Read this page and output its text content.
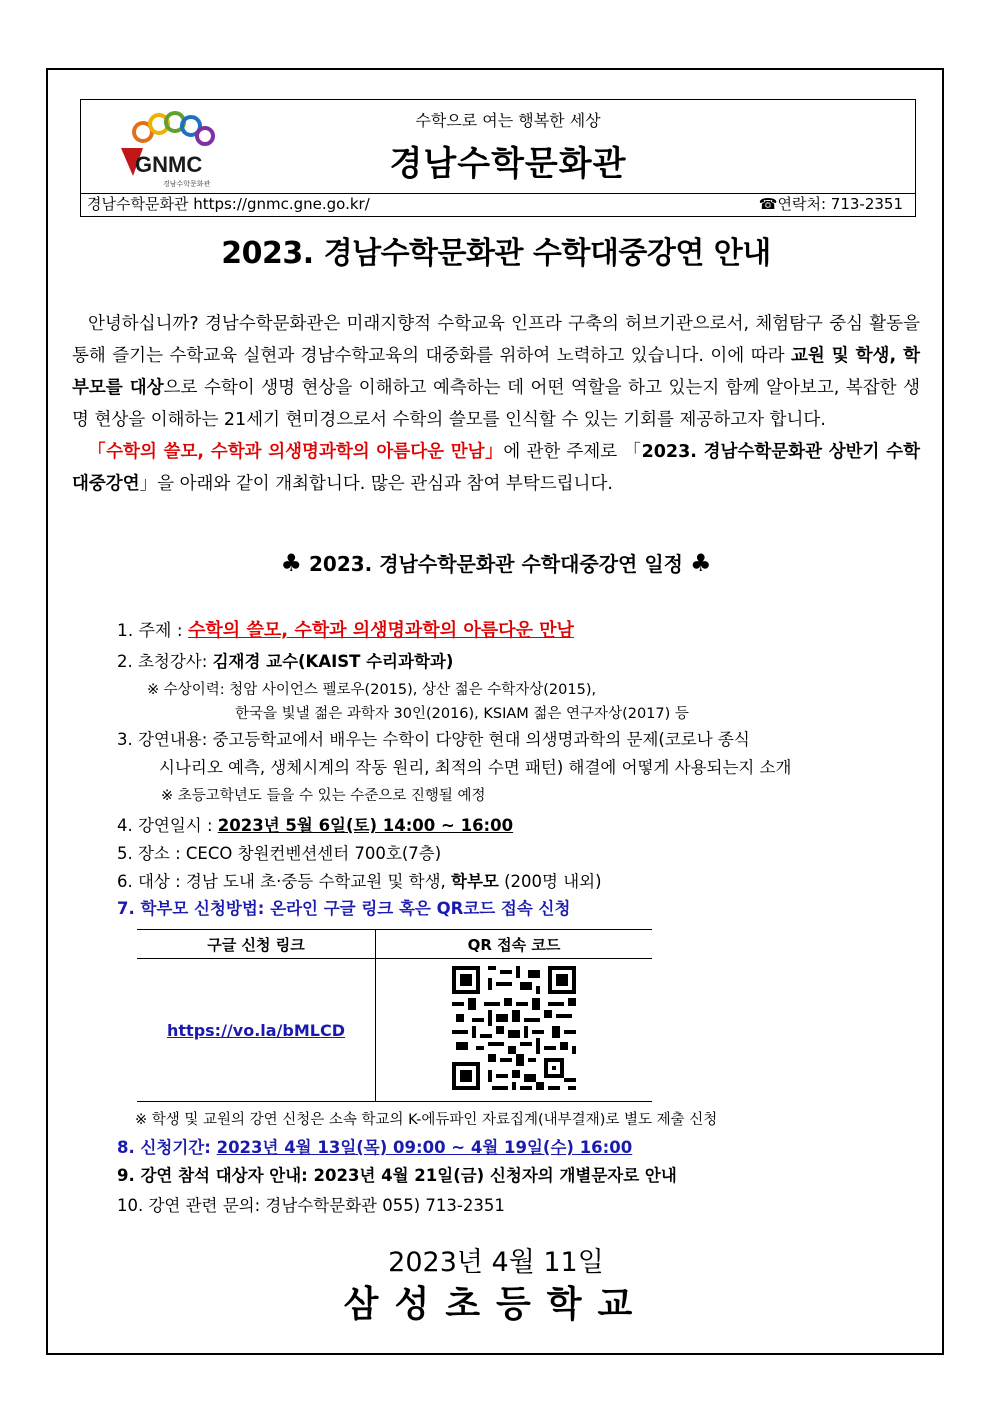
GNMC
경남수학문화관
수학으로 여는 행복한 세상
경남수학문화관
경남수학문화관 https://gnmc.gne.go.kr/	☎연락처: 713-2351
2023. 경남수학문화관 수학대중강연 안내

안녕하십니까? 경남수학문화관은 미래지향적 수학교육 인프라 구축의 허브기관으로서, 체험탐구 중심 활동을 통해 즐기는 수학교육 실현과 경남수학교육의 대중화를 위하여 노력하고 있습니다. 이에 따라 교원 및 학생, 학부모를 대상으로 수학이 생명 현상을 이해하고 예측하는 데 어떤 역할을 하고 있는지 함께 알아보고, 복잡한 생명 현상을 이해하는 21세기 현미경으로서 수학의 쓸모를 인식할 수 있는 기회를 제공하고자 합니다.

「수학의 쓸모, 수학과 의생명과학의 아름다운 만남」에 관한 주제로 「2023. 경남수학문화관 상반기 수학대중강연」을 아래와 같이 개최합니다. 많은 관심과 참여 부탁드립니다.

♣ 2023. 경남수학문화관 수학대중강연 일정 ♣
1. 주제 : 수학의 쓸모, 수학과 의생명과학의 아름다운 만남
2. 초청강사: 김재경 교수(KAIST 수리과학과)
※ 수상이력: 청암 사이언스 펠로우(2015), 상산 젊은 수학자상(2015),
한국을 빛낼 젊은 과학자 30인(2016), KSIAM 젊은 연구자상(2017) 등
3. 강연내용: 중고등학교에서 배우는 수학이 다양한 현대 의생명과학의 문제(코로나 종식
시나리오 예측, 생체시계의 작동 원리, 최적의 수면 패턴) 해결에 어떻게 사용되는지 소개
※ 초등고학년도 들을 수 있는 수준으로 진행될 예정
4. 강연일시 : 2023년 5월 6일(토) 14:00 ~ 16:00
5. 장소 : CECO 창원컨벤션센터 700호(7층)
6. 대상 : 경남 도내 초·중등 수학교원 및 학생, 학부모 (200명 내외)
7. 학부모 신청방법: 온라인 구글 링크 혹은 QR코드 접속 신청
※ 학생 및 교원의 강연 신청은 소속 학교의 K-에듀파인 자료집계(내부결재)로 별도 제출 신청
8. 신청기간: 2023년 4월 13일(목) 09:00 ~ 4월 19일(수) 16:00
9. 강연 참석 대상자 안내: 2023년 4월 21일(금) 신청자의 개별문자로 안내
10. 강연 관련 문의: 경남수학문화관 055) 713-2351
구글 신청 링크	QR 접속 코드
https://vo.la/bMLCD	
2023년 4월 11일
삼성초등학교
